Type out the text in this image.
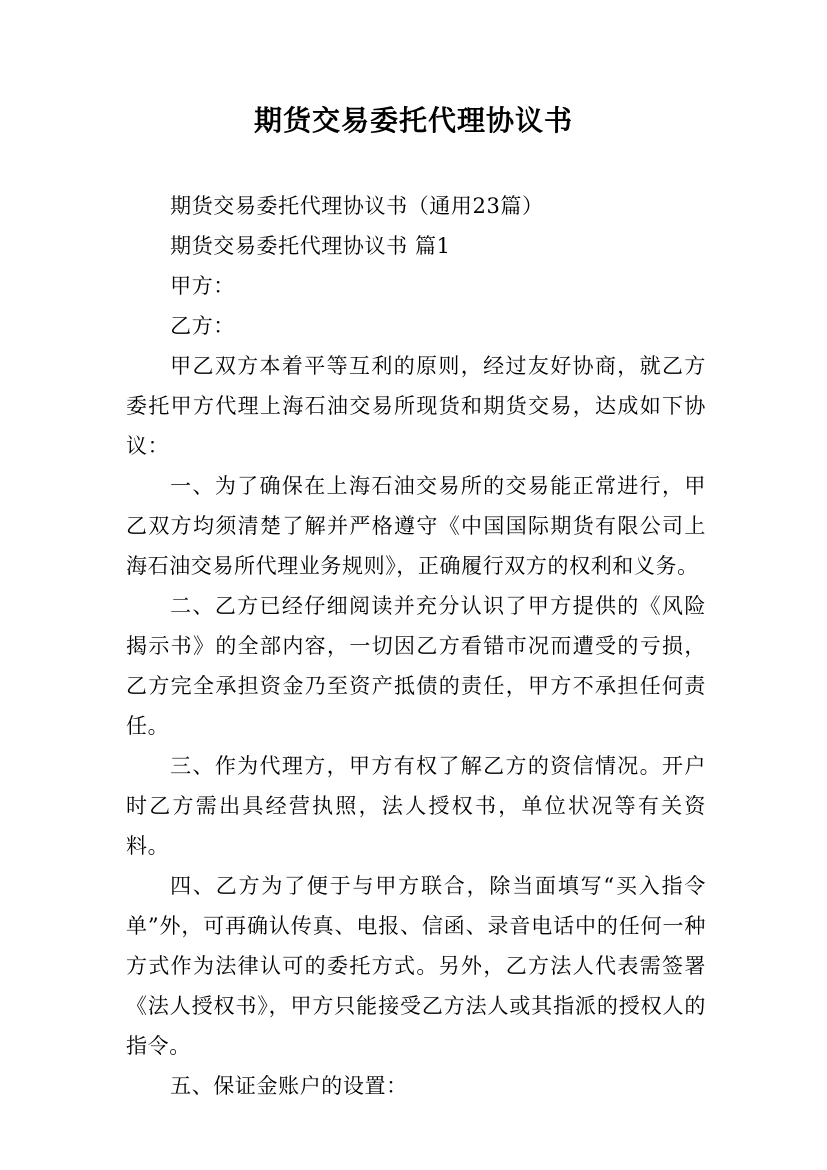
期货交易委托代理协议书

期货交易委托代理协议书（通用23篇）

期货交易委托代理协议书 篇1

甲方：

乙方：

甲乙双方本着平等互利的原则，经过友好协商，就乙方委托甲方代理上海石油交易所现货和期货交易，达成如下协议：

一、为了确保在上海石油交易所的交易能正常进行，甲乙双方均须清楚了解并严格遵守《中国国际期货有限公司上海石油交易所代理业务规则》，正确履行双方的权利和义务。

二、乙方已经仔细阅读并充分认识了甲方提供的《风险揭示书》的全部内容，一切因乙方看错市况而遭受的亏损，乙方完全承担资金乃至资产抵债的责任，甲方不承担任何责任。

三、作为代理方，甲方有权了解乙方的资信情况。开户时乙方需出具经营执照，法人授权书，单位状况等有关资料。

四、乙方为了便于与甲方联合，除当面填写“买入指令单”外，可再确认传真、电报、信函、录音电话中的任何一种方式作为法律认可的委托方式。另外，乙方法人代表需签署《法人授权书》，甲方只能接受乙方法人或其指派的授权人的指令。

五、保证金账户的设置：
